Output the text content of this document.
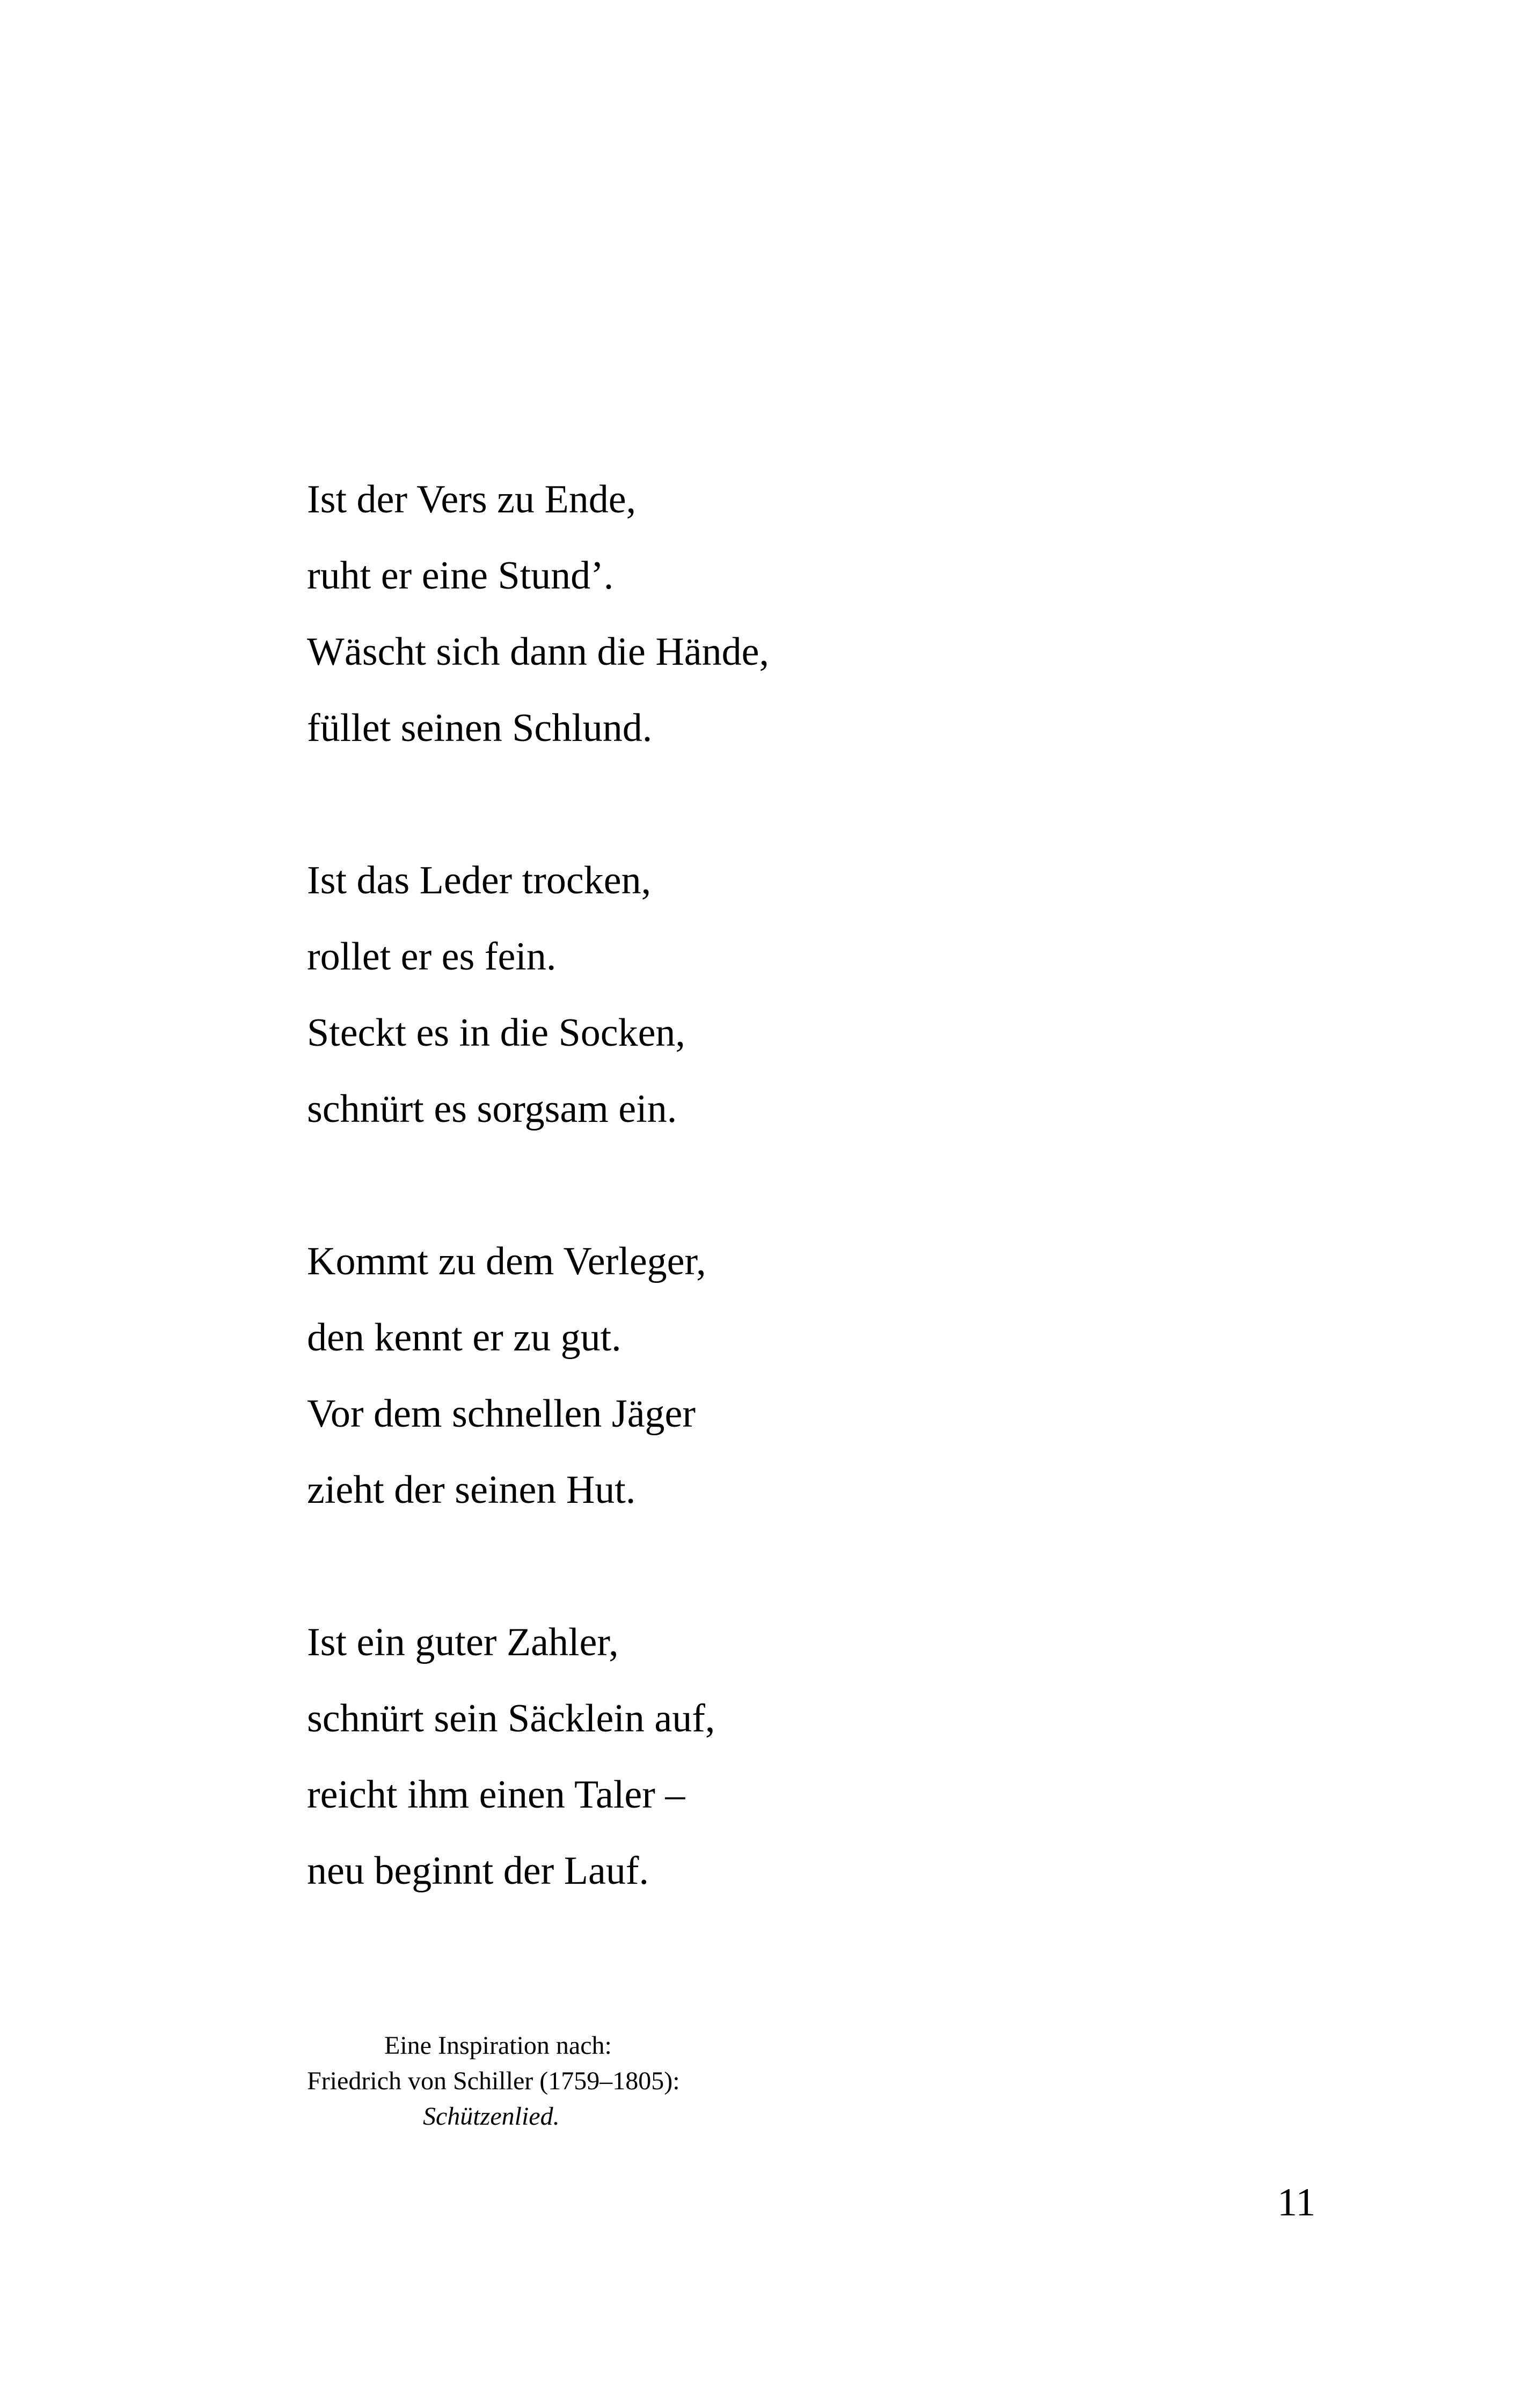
Ist der Vers zu Ende,
ruht er eine Stund’.
Wäscht sich dann die Hände,
füllet seinen Schlund.
Ist das Leder trocken,
rollet er es fein.
Steckt es in die Socken,
schnürt es sorgsam ein.
Kommt zu dem Verleger,
den kennt er zu gut.
Vor dem schnellen Jäger
zieht der seinen Hut.
Ist ein guter Zahler,
schnürt sein Säcklein auf,
reicht ihm einen Taler –
neu beginnt der Lauf.
Eine Inspiration nach:
Friedrich von Schiller (1759–1805):
Schützenlied.
11
